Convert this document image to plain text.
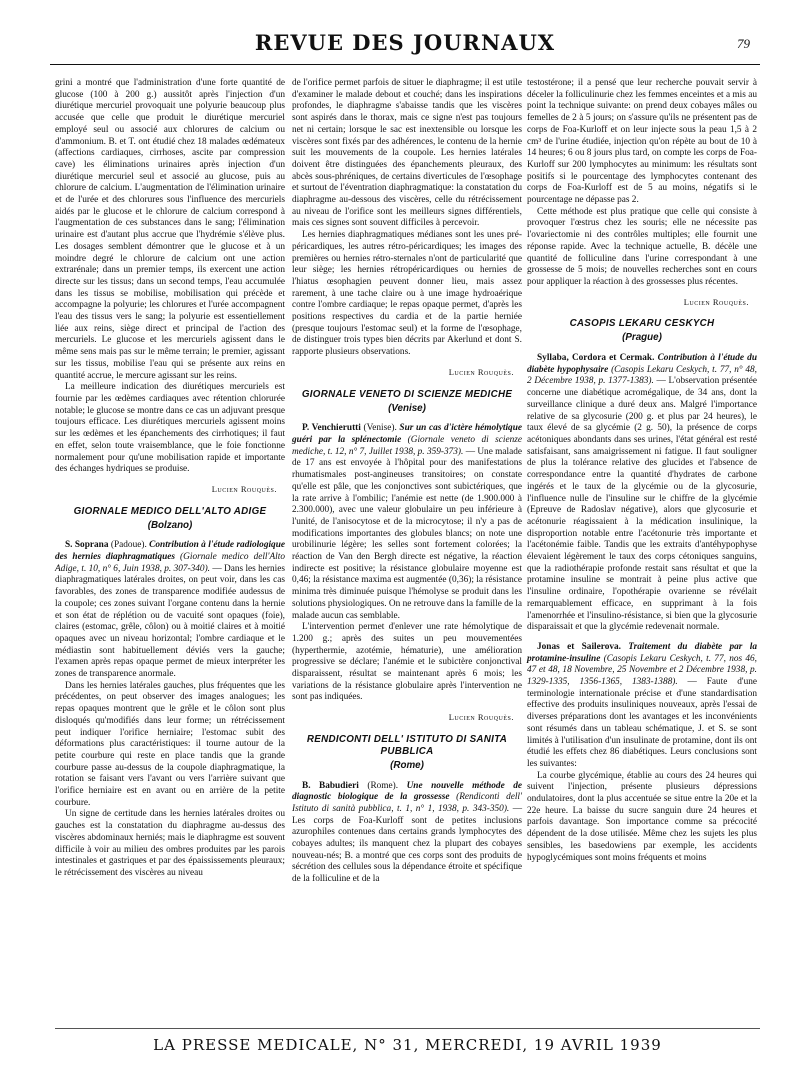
REVUE DES JOURNAUX	79

grini a montré que l'administration d'une forte quantité de glucose (100 à 200 g.) aussitôt après l'injection d'un diurétique mercuriel provoquait une polyurie beaucoup plus accusée que celle que produit le diurétique mercuriel employé seul ou associé aux chlorures de calcium ou d'ammonium. B. et T. ont étudié chez 18 malades œdémateux (affections cardiaques, cirrhoses, ascite par compression cave) les éliminations urinaires après injection d'un diurétique mercuriel seul et associé au glucose, puis au chlorure de calcium. L'augmentation de l'élimination urinaire et de l'urée et des chlorures sous l'influence des mercuriels aidés par le glucose et le chlorure de calcium correspond à l'augmentation de ces substances dans le sang; l'élimination urinaire est d'autant plus accrue que l'hydrémie s'élève plus. Les dosages semblent démontrer que le glucose et à un moindre degré le chlorure de calcium ont une action extrarénale; dans un premier temps, ils exercent une action directe sur les tissus; dans un second temps, l'eau accumulée dans les tissus se mobilise, mobilisation qui précède et accompagne la polyurie; les chlorures et l'urée accompagnent l'eau des tissus vers le sang; la polyurie est essentiellement liée aux reins, siège direct et principal de l'action des mercuriels. Le glucose et les mercuriels agissent dans le même sens mais pas sur le même terrain; le premier, agissant sur les tissus, mobilise l'eau qui se présente aux reins en quantité accrue, le mercure agissant sur les reins.

La meilleure indication des diurétiques mercuriels est fournie par les œdèmes cardiaques avec rétention chlorurée notable; le glucose se montre dans ce cas un adjuvant presque toujours efficace. Les diurétiques mercuriels agissent moins sur les œdèmes et les épanchements des cirrhotiques; il faut en effet, selon toute vraisemblance, que le foie fonctionne normalement pour qu'une mobilisation rapide et importante des échanges hydriques se produise.

Lucien Rouquès.
GIORNALE MEDICO DELL'ALTO ADIGE
(Bolzano)

S. Soprana (Padoue). Contribution à l'étude radiologique des hernies diaphragmatiques (Giornale medico dell'Alto Adige, t. 10, n° 6, Juin 1938, p. 307-340). — Dans les hernies diaphragmatiques latérales droites, on peut voir, dans les cas favorables, des zones de transparence modifiée audessus de la coupole; ces zones suivant l'organe contenu dans la hernie et son état de réplétion ou de vacuité sont opaques (foie), claires (estomac, grêle, côlon) ou à moitié claires et à moitié opaques avec un niveau horizontal; l'ombre cardiaque et le médiastin sont habituellement déviés vers la gauche; l'examen après repas opaque permet de mieux interpréter les zones de transparence anormale.

Dans les hernies latérales gauches, plus fréquentes que les précédentes, on peut observer des images analogues; les repas opaques montrent que le grêle et le côlon sont plus disloqués qu'modifiés dans leur forme; un rétrécissement peut indiquer l'orifice herniaire; l'estomac subit des déformations plus caractéristiques: il tourne autour de la petite courbure qui reste en place tandis que la grande courbure passe au-dessus de la coupole diaphragmatique, la rotation se faisant vers l'avant ou vers l'arrière suivant que l'orifice herniaire est en avant ou en arrière de la petite courbure.

Un signe de certitude dans les hernies latérales droites ou gauches est la constatation du diaphragme au-dessus des viscères abdominaux herniés; mais le diaphragme est souvent difficile à voir au milieu des ombres produites par les parois intestinales et gastriques et par des épaississements pleuraux; le rétrécissement des viscères au niveau

de l'orifice permet parfois de situer le diaphragme; il est utile d'examiner le malade debout et couché; dans les inspirations profondes, le diaphragme s'abaisse tandis que les viscères sont aspirés dans le thorax, mais ce signe n'est pas toujours net ni certain; lorsque le sac est inextensible ou lorsque les viscères sont fixés par des adhérences, le contenu de la hernie suit les mouvements de la coupole. Les hernies latérales doivent être distinguées des épanchements pleuraux, des abcès sous-phréniques, de certains diverticules de l'œsophage et surtout de l'éventration diaphragmatique: la constatation du diaphragme au-dessous des viscères, celle du rétrécissement au niveau de l'orifice sont les meilleurs signes différentiels, mais ces signes sont souvent difficiles à percevoir.

Les hernies diaphragmatiques médianes sont les unes pré-péricardiques, les autres rétro-péricardiques; les images des premières ou hernies rétro-sternales n'ont de particularité que leur siège; les hernies rétropéricardiques ou hernies de l'hiatus œsophagien peuvent donner lieu, mais assez rarement, à une tache claire ou à une image hydroaérique contre l'ombre cardiaque; le repas opaque permet, d'après les positions respectives du cardia et de la partie herniée (presque toujours l'estomac seul) et la forme de l'œsophage, de distinguer trois types bien décrits par Akerlund et dont S. rapporte plusieurs observations.

Lucien Rouquès.
GIORNALE VENETO DI SCIENZE MEDICHE
(Venise)

P. Venchierutti (Venise). Sur un cas d'ictère hémolytique guéri par la splénectomie (Giornale veneto di scienze mediche, t. 12, n° 7, Juillet 1938, p. 359-373). — Une malade de 17 ans est envoyée à l'hôpital pour des manifestations rhumatismales post-angineuses transitoires; on constate qu'elle est pâle, que les conjonctives sont subictériques, que la rate arrive à l'ombilic; l'anémie est nette (de 1.900.000 à 2.300.000), avec une valeur globulaire un peu inférieure à l'unité, de l'anisocytose et de la microcytose; il n'y a pas de modifications importantes des globules blancs; on note une urobilinurie légère; les selles sont fortement colorées; la réaction de Van den Bergh directe est négative, la réaction indirecte est positive; la résistance globulaire moyenne est 0,46; la résistance maxima est augmentée (0,36); la résistance minima très diminuée puisque l'hémolyse se produit dans les solutions physiologiques. On ne retrouve dans la famille de la malade aucun cas semblable.

L'intervention permet d'enlever une rate hémolytique de 1.200 g.; après des suites un peu mouvementées (hyperthermie, azotémie, hématurie), une amélioration progressive se déclare; l'anémie et le subictère conjonctival disparaissent, résultat se maintenant après 6 mois; les variations de la résistance globulaire après l'intervention ne sont pas indiquées.

Lucien Rouquès.
RENDICONTI DELL' ISTITUTO DI SANITA PUBBLICA
(Rome)

B. Babudieri (Rome). Une nouvelle méthode de diagnostic biologique de la grossesse (Rendiconti dell' Istituto di sanità pubblica, t. 1, n° 1, 1938, p. 343-350). — Les corps de Foa-Kurloff sont de petites inclusions azurophiles contenues dans certains grands lymphocytes des cobayes adultes; ils manquent chez la plupart des cobayes nouveau-nés; B. a montré que ces corps sont des produits de sécrétion des cellules sous la dépendance étroite et spécifique de la folliculine et de la

testostérone; il a pensé que leur recherche pouvait servir à déceler la folliculinurie chez les femmes enceintes et a mis au point la technique suivante: on prend deux cobayes mâles ou femelles de 2 à 5 jours; on s'assure qu'ils ne présentent pas de corps de Foa-Kurloff et on leur injecte sous la peau 1,5 à 2 cm³ de l'urine étudiée, injection qu'on répète au bout de 10 à 14 heures; 6 ou 8 jours plus tard, on compte les corps de Foa-Kurloff sur 200 lymphocytes au minimum: les résultats sont positifs si le pourcentage des lymphocytes contenant des corps de Foa-Kurloff est de 5 au moins, négatifs si le pourcentage ne dépasse pas 2.

Cette méthode est plus pratique que celle qui consiste à provoquer l'œstrus chez les souris; elle ne nécessite pas l'ovariectomie ni des contrôles multiples; elle fournit une réponse rapide. Avec la technique actuelle, B. décèle une quantité de folliculine dans l'urine correspondant à une grossesse de 5 mois; de nouvelles recherches sont en cours pour appliquer la réaction à des grossesses plus récentes.

Lucien Rouquès.
CASOPIS LEKARU CESKYCH
(Prague)

Syllaba, Cordora et Cermak. Contribution à l'étude du diabète hypophysaire (Casopis Lekaru Ceskych, t. 77, n° 48, 2 Décembre 1938, p. 1377-1383). — L'observation présentée concerne une diabétique acromégalique, de 34 ans, dont la surveillance clinique a duré deux ans. Malgré l'importance relative de sa glycosurie (200 g. et plus par 24 heures), le taux élevé de sa glycémie (2 g. 50), la présence de corps acétoniques abondants dans ses urines, l'état général est resté satisfaisant, sans amaigrissement ni fatigue. Il faut souligner de plus la tolérance relative des glucides et l'absence de correspondance entre la quantité d'hydrates de carbone ingérés et le taux de la glycémie ou de la glycosurie, l'influence nulle de l'insuline sur le chiffre de la glycémie (Epreuve de Radoslav négative), alors que glycosurie et acétonurie réagissaient à la médication insulinique, la disproportion notable entre l'acétonurie très importante et l'acétonémie faible. Tandis que les extraits d'antéhypophyse élevaient légèrement le taux des corps cétoniques sanguins, que la radiothérapie profonde restait sans résultat et que la protamine insuline se montrait à peine plus active que l'insuline ordinaire, l'opothérapie ovarienne se révélait remarquablement efficace, en supprimant à la fois l'amenorrhée et l'insulino-résistance, si bien que la glycosurie disparaissait et que la glycémie redevenait normale.

Jonas et Sailerova. Traitement du diabète par la protamine-insuline (Casopis Lekaru Ceskych, t. 77, nos 46, 47 et 48, 18 Novembre, 25 Novembre et 2 Décembre 1938, p. 1329-1335, 1356-1365, 1383-1388). — Faute d'une terminologie internationale précise et d'une standardisation effective des produits insuliniques nouveaux, après l'essai de diverses préparations dont les avantages et les inconvénients sont résumés dans un tableau schématique, J. et S. se sont limités à l'utilisation d'un insulinate de protamine, dont ils ont étudié les effets chez 86 diabétiques. Leurs conclusions sont les suivantes:

La courbe glycémique, établie au cours des 24 heures qui suivent l'injection, présente plusieurs dépressions ondulatoires, dont la plus accentuée se situe entre la 20e et la 22e heure. La baisse du sucre sanguin dure 24 heures et parfois davantage. Son importance comme sa précocité dépendent de la dose utilisée. Même chez les sujets les plus sensibles, les basedowiens par exemple, les accidents hypoglycémiques sont moins fréquents et moins

LA PRESSE MEDICALE, N° 31, MERCREDI, 19 AVRIL 1939
